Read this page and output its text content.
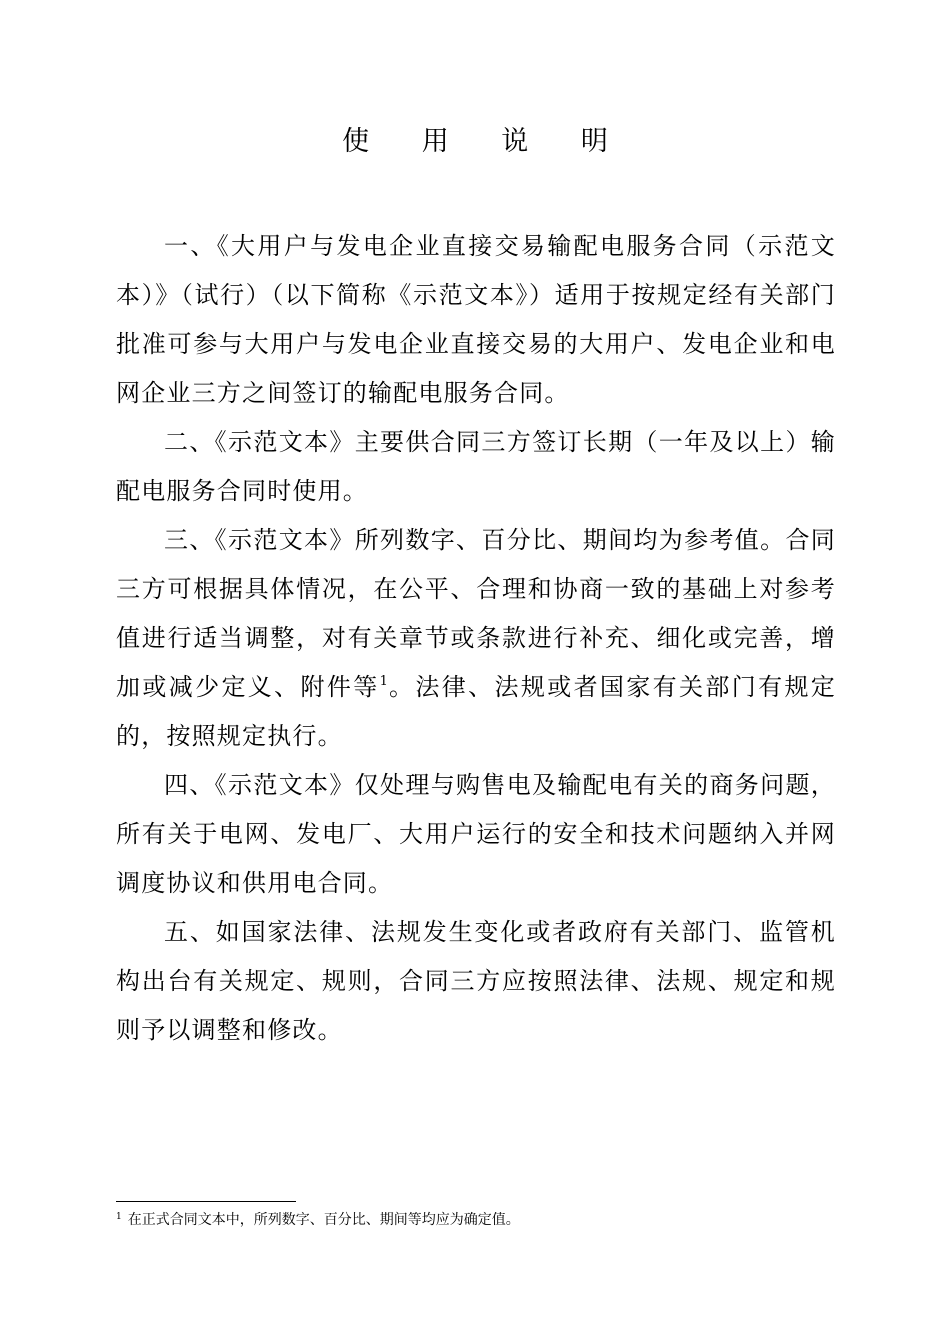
使 用 说 明

一、《大用户与发电企业直接交易输配电服务合同（示范文本）》（试行）（以下简称《示范文本》）适用于按规定经有关部门批准可参与大用户与发电企业直接交易的大用户、发电企业和电网企业三方之间签订的输配电服务合同。

二、《示范文本》主要供合同三方签订长期（一年及以上）输配电服务合同时使用。

三、《示范文本》所列数字、百分比、期间均为参考值。合同三方可根据具体情况，在公平、合理和协商一致的基础上对参考值进行适当调整，对有关章节或条款进行补充、细化或完善，增加或减少定义、附件等$^1$。法律、法规或者国家有关部门有规定的，按照规定执行。

四、《示范文本》仅处理与购售电及输配电有关的商务问题，所有关于电网、发电厂、大用户运行的安全和技术问题纳入并网调度协议和供用电合同。

五、如国家法律、法规发生变化或者政府有关部门、监管机构出台有关规定、规则，合同三方应按照法律、法规、规定和规则予以调整和修改。

$^1$ 在正式合同文本中，所列数字、百分比、期间等均应为确定值。
